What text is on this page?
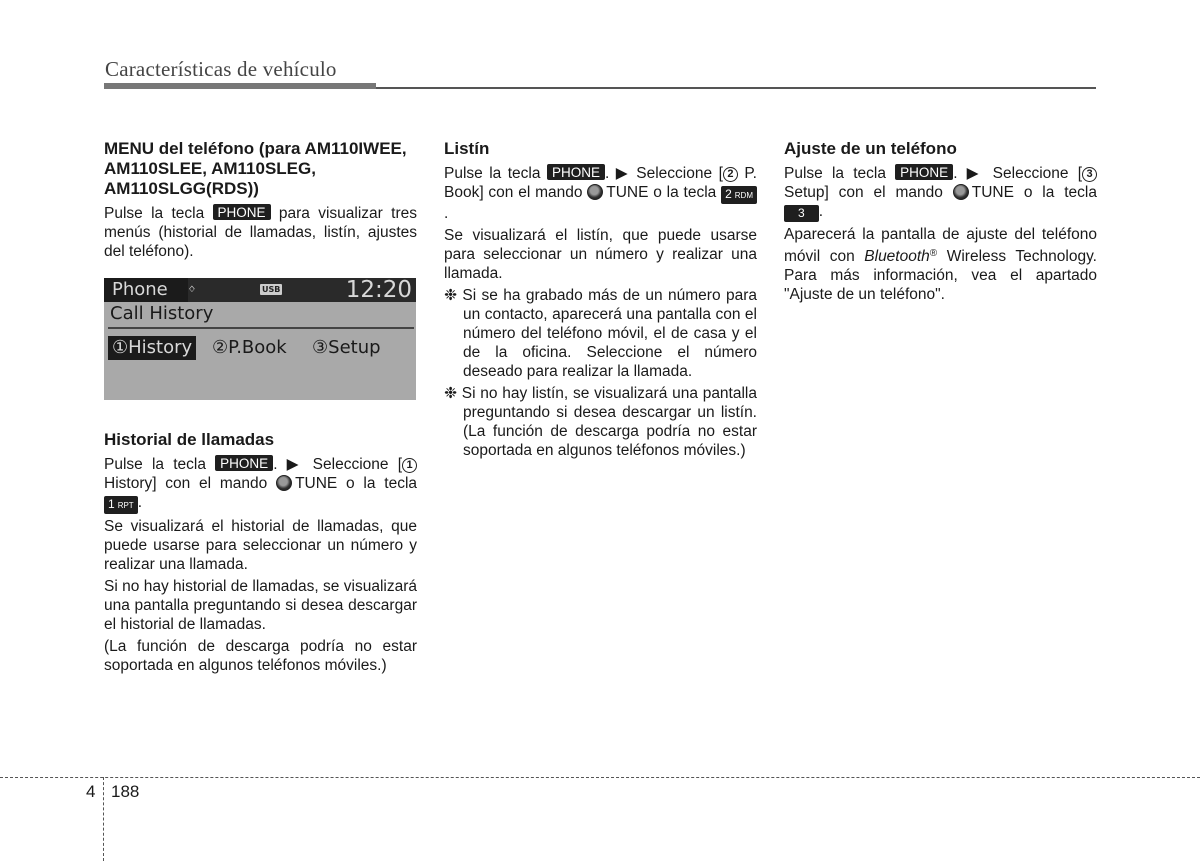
Características de vehículo
MENU del teléfono (para AM110IWEE, AM110SLEE, AM110SLEG, AM110SLGG(RDS))

Pulse la tecla PHONE para visualizar tres menús (historial de llamadas, listín, ajustes del teléfono).

Phone	ᛜ	USB	12:20
Call History
①History ②P.Book ③Setup
Historial de llamadas

Pulse la tecla PHONE . ▶ Seleccione [ 1 History] con el mando TUNE o la tecla 1 RPT .

Se visualizará el historial de llamadas, que puede usarse para seleccionar un número y realizar una llamada.

Si no hay historial de llamadas, se visualizará una pantalla preguntando si desea descargar el historial de llamadas.

(La función de descarga podría no estar soportada en algunos teléfonos móviles.)

Listín

Pulse la tecla PHONE . ▶ Seleccione [ 2 P. Book] con el mando TUNE o la tecla 2 RDM.

Se visualizará el listín, que puede usarse para seleccionar un número y realizar una llamada.

❉ Si se ha grabado más de un número para un contacto, aparecerá una pantalla con el número del teléfono móvil, el de casa y el de la oficina. Seleccione el número deseado para realizar la llamada.

❉ Si no hay listín, se visualizará una pantalla preguntando si desea descargar un listín. (La función de descarga podría no estar soportada en algunos teléfonos móviles.)

Ajuste de un teléfono

Pulse la tecla PHONE . ▶ Seleccione [ 3 Setup] con el mando TUNE o la tecla 3 .

Aparecerá la pantalla de ajuste del teléfono móvil con Bluetooth® Wireless Technology. Para más información, vea el apartado "Ajuste de un teléfono".

4 188
